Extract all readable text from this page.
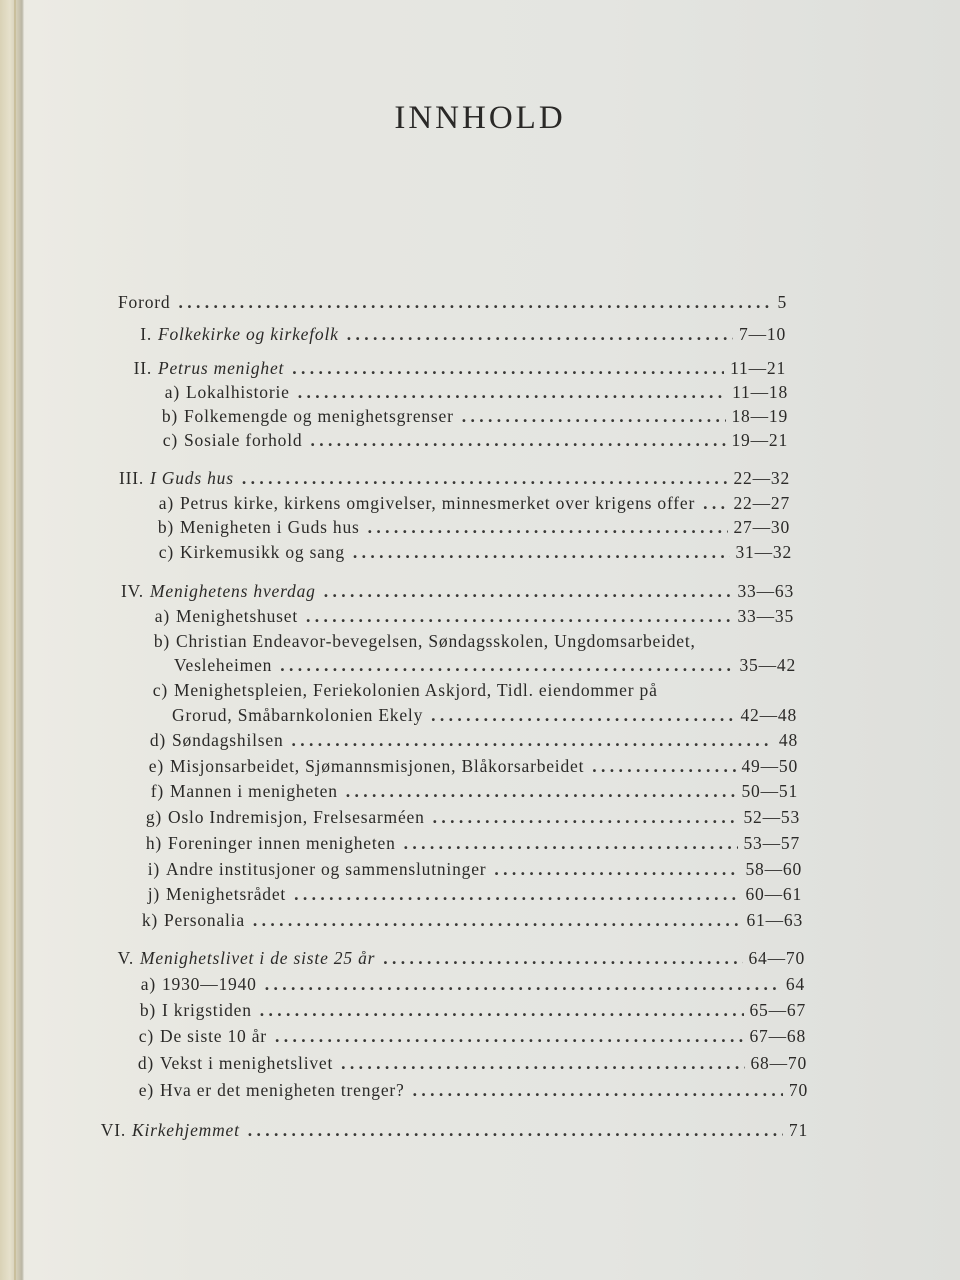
INNHOLD
Forord . . .	5
I. Folkekirke og kirkefolk . . .	7—10
II. Petrus menighet . . .	11—21
a) Lokalhistorie . . .	11—18
b) Folkemengde og menighetsgrenser . . .	18—19
c) Sosiale forhold . . .	19—21
III. I Guds hus . . .	22—32
a) Petrus kirke, kirkens omgivelser, minnesmerket over krigens offer . . .	22—27
b) Menigheten i Guds hus . . .	27—30
c) Kirkemusikk og sang . . .	31—32
IV. Menighetens hverdag . . .	33—63
a) Menighetshuset . . .	33—35
b) Christian Endeavor-bevegelsen, Søndagsskolen, Ungdomsarbeidet,
Vesleheimen . . .	35—42
c) Menighetspleien, Feriekolonien Askjord, Tidl. eiendommer på
Grorud, Småbarnkolonien Ekely . . .	42—48
d) Søndagshilsen . . .	48
e) Misjonsarbeidet, Sjømannsmisjonen, Blåkorsarbeidet . . .	49—50
f) Mannen i menigheten . . .	50—51
g) Oslo Indremisjon, Frelsesarméen . . .	52—53
h) Foreninger innen menigheten . . .	53—57
i) Andre institusjoner og sammenslutninger . . .	58—60
j) Menighetsrådet . . .	60—61
k) Personalia . . .	61—63
V. Menighetslivet i de siste 25 år . . .	64—70
a) 1930—1940 . . .	64
b) I krigstiden . . .	65—67
c) De siste 10 år . . .	67—68
d) Vekst i menighetslivet . . .	68—70
e) Hva er det menigheten trenger? . . .	70
VI. Kirkehjemmet . . .	71
